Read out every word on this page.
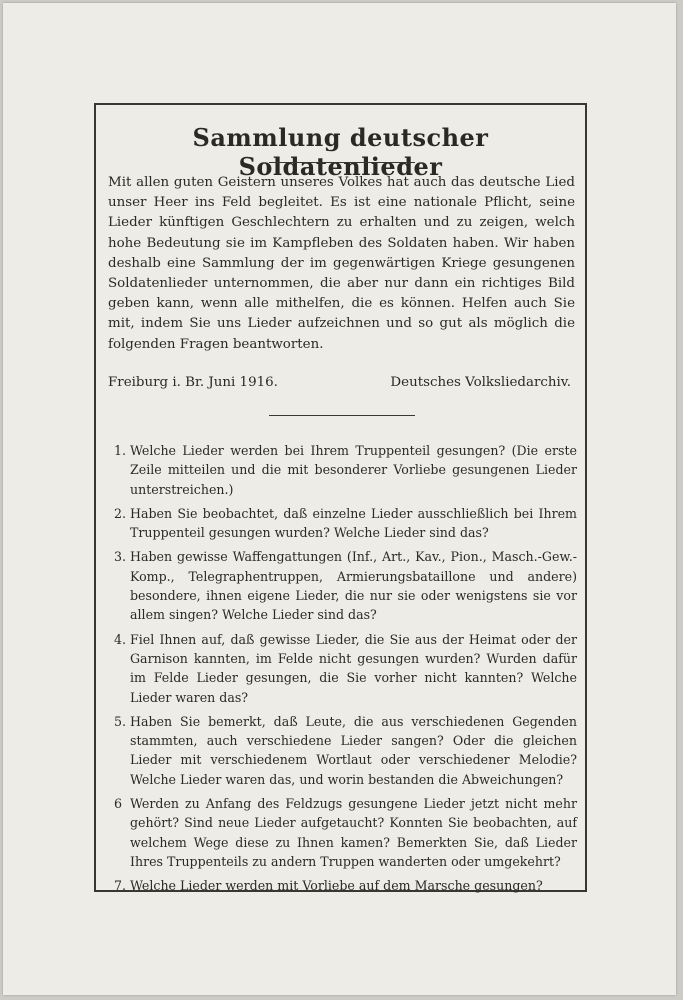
Sammlung deutscher Soldatenlieder

Mit allen guten Geistern unseres Volkes hat auch das deutsche Lied unser Heer ins Feld begleitet. Es ist eine nationale Pflicht, seine Lieder künftigen Geschlechtern zu erhalten und zu zeigen, welch hohe Bedeutung sie im Kampfleben des Soldaten haben. Wir haben deshalb eine Sammlung der im gegenwärtigen Kriege gesungenen Soldatenlieder unternommen, die aber nur dann ein richtiges Bild geben kann, wenn alle mithelfen, die es können. Helfen auch Sie mit, indem Sie uns Lieder aufzeichnen und so gut als möglich die folgenden Fragen beantworten.

Freiburg i. Br. Juni 1916.	Deutsches Volksliedarchiv.
1. Welche Lieder werden bei Ihrem Truppenteil gesungen? (Die erste Zeile mitteilen und die mit besonderer Vorliebe gesungenen Lieder unterstreichen.)
2. Haben Sie beobachtet, daß einzelne Lieder ausschließlich bei Ihrem Truppenteil gesungen wurden? Welche Lieder sind das?
3. Haben gewisse Waffengattungen (Inf., Art., Kav., Pion., Masch.-Gew.-Komp., Telegraphentruppen, Armierungsbataillone und andere) besondere, ihnen eigene Lieder, die nur sie oder wenigstens sie vor allem singen? Welche Lieder sind das?
4. Fiel Ihnen auf, daß gewisse Lieder, die Sie aus der Heimat oder der Garnison kannten, im Felde nicht gesungen wurden? Wurden dafür im Felde Lieder gesungen, die Sie vorher nicht kannten? Welche Lieder waren das?
5. Haben Sie bemerkt, daß Leute, die aus verschiedenen Gegenden stammten, auch verschiedene Lieder sangen? Oder die gleichen Lieder mit verschiedenem Wortlaut oder verschiedener Melodie? Welche Lieder waren das, und worin bestanden die Abweichungen?
6 Werden zu Anfang des Feldzugs gesungene Lieder jetzt nicht mehr gehört? Sind neue Lieder aufgetaucht? Konnten Sie beobachten, auf welchem Wege diese zu Ihnen kamen? Bemerkten Sie, daß Lieder Ihres Truppenteils zu andern Truppen wanderten oder umgekehrt?
7. Welche Lieder werden mit Vorliebe auf dem Marsche gesungen?
